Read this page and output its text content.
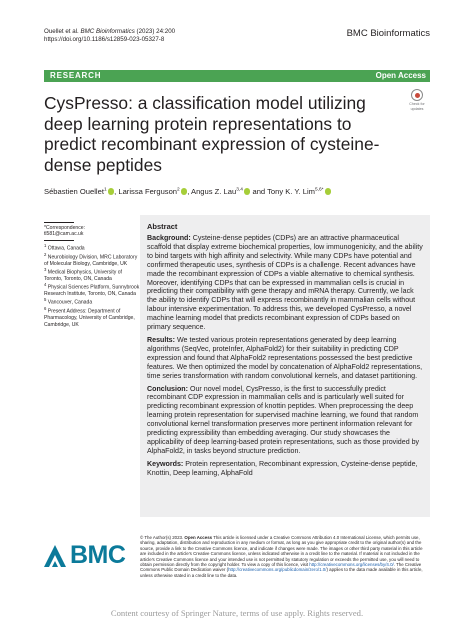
Ouellet et al. BMC Bioinformatics (2023) 24:200
https://doi.org/10.1186/s12859-023-05327-8
BMC Bioinformatics
RESEARCH	Open Access
Check for
updates
CysPresso: a classification model utilizing deep learning protein representations to predict recombinant expression of cysteine-dense peptides
Sébastien Ouellet$^1$ , Larissa Ferguson$^2$ , Angus Z. Lau$^{3,4}$ and Tony K. Y. Lim$^{5,6*}$
*Correspondence:
tl581@cam.ac.uk
$^1$ Ottawa, Canada
$^2$ Neurobiology Division, MRC Laboratory of Molecular Biology, Cambridge, UK
$^3$ Medical Biophysics, University of Toronto, Toronto, ON, Canada
$^4$ Physical Sciences Platform, Sunnybrook Research Institute, Toronto, ON, Canada
$^5$ Vancouver, Canada
$^6$ Present Address: Department of Pharmacology, University of Cambridge, Cambridge, UK
Abstract

Background: Cysteine-dense peptides (CDPs) are an attractive pharmaceutical scaffold that display extreme biochemical properties, low immunogenicity, and the ability to bind targets with high affinity and selectivity. While many CDPs have potential and confirmed therapeutic uses, synthesis of CDPs is a challenge. Recent advances have made the recombinant expression of CDPs a viable alternative to chemical synthesis. Moreover, identifying CDPs that can be expressed in mammalian cells is crucial in predicting their compatibility with gene therapy and mRNA therapy. Currently, we lack the ability to identify CDPs that will express recombinantly in mammalian cells without labour intensive experimentation. To address this, we developed CysPresso, a novel machine learning model that predicts recombinant expression of CDPs based on primary sequence.

Results: We tested various protein representations generated by deep learning algorithms (SeqVec, proteInfer, AlphaFold2) for their suitability in predicting CDP expression and found that AlphaFold2 representations possessed the best predictive features. We then optimized the model by concatenation of AlphaFold2 representations, time series transformation with random convolutional kernels, and dataset partitioning.

Conclusion: Our novel model, CysPresso, is the first to successfully predict recombinant CDP expression in mammalian cells and is particularly well suited for predicting recombinant expression of knottin peptides. When preprocessing the deep learning protein representation for supervised machine learning, we found that random convolutional kernel transformation preserves more pertinent information relevant for predicting expressibility than embedding averaging. Our study showcases the applicability of deep learning-based protein representations, such as those provided by AlphaFold2, in tasks beyond structure prediction.

Keywords: Protein representation, Recombinant expression, Cysteine-dense peptide, Knottin, Deep learning, AlphaFold

BMC
© The Author(s) 2023. Open Access This article is licensed under a Creative Commons Attribution 4.0 International License, which permits use, sharing, adaptation, distribution and reproduction in any medium or format, as long as you give appropriate credit to the original author(s) and the source, provide a link to the Creative Commons licence, and indicate if changes were made. The images or other third party material in this article are included in the article's Creative Commons licence, unless indicated otherwise in a credit line to the material. If material is not included in the article's Creative Commons licence and your intended use is not permitted by statutory regulation or exceeds the permitted use, you will need to obtain permission directly from the copyright holder. To view a copy of this licence, visit http://creativecommons.org/licenses/by/4.0/. The Creative Commons Public Domain Dedication waiver (http://creativecommons.org/publicdomain/zero/1.0/) applies to the data made available in this article, unless otherwise stated in a credit line to the data.
Content courtesy of Springer Nature, terms of use apply. Rights reserved.
